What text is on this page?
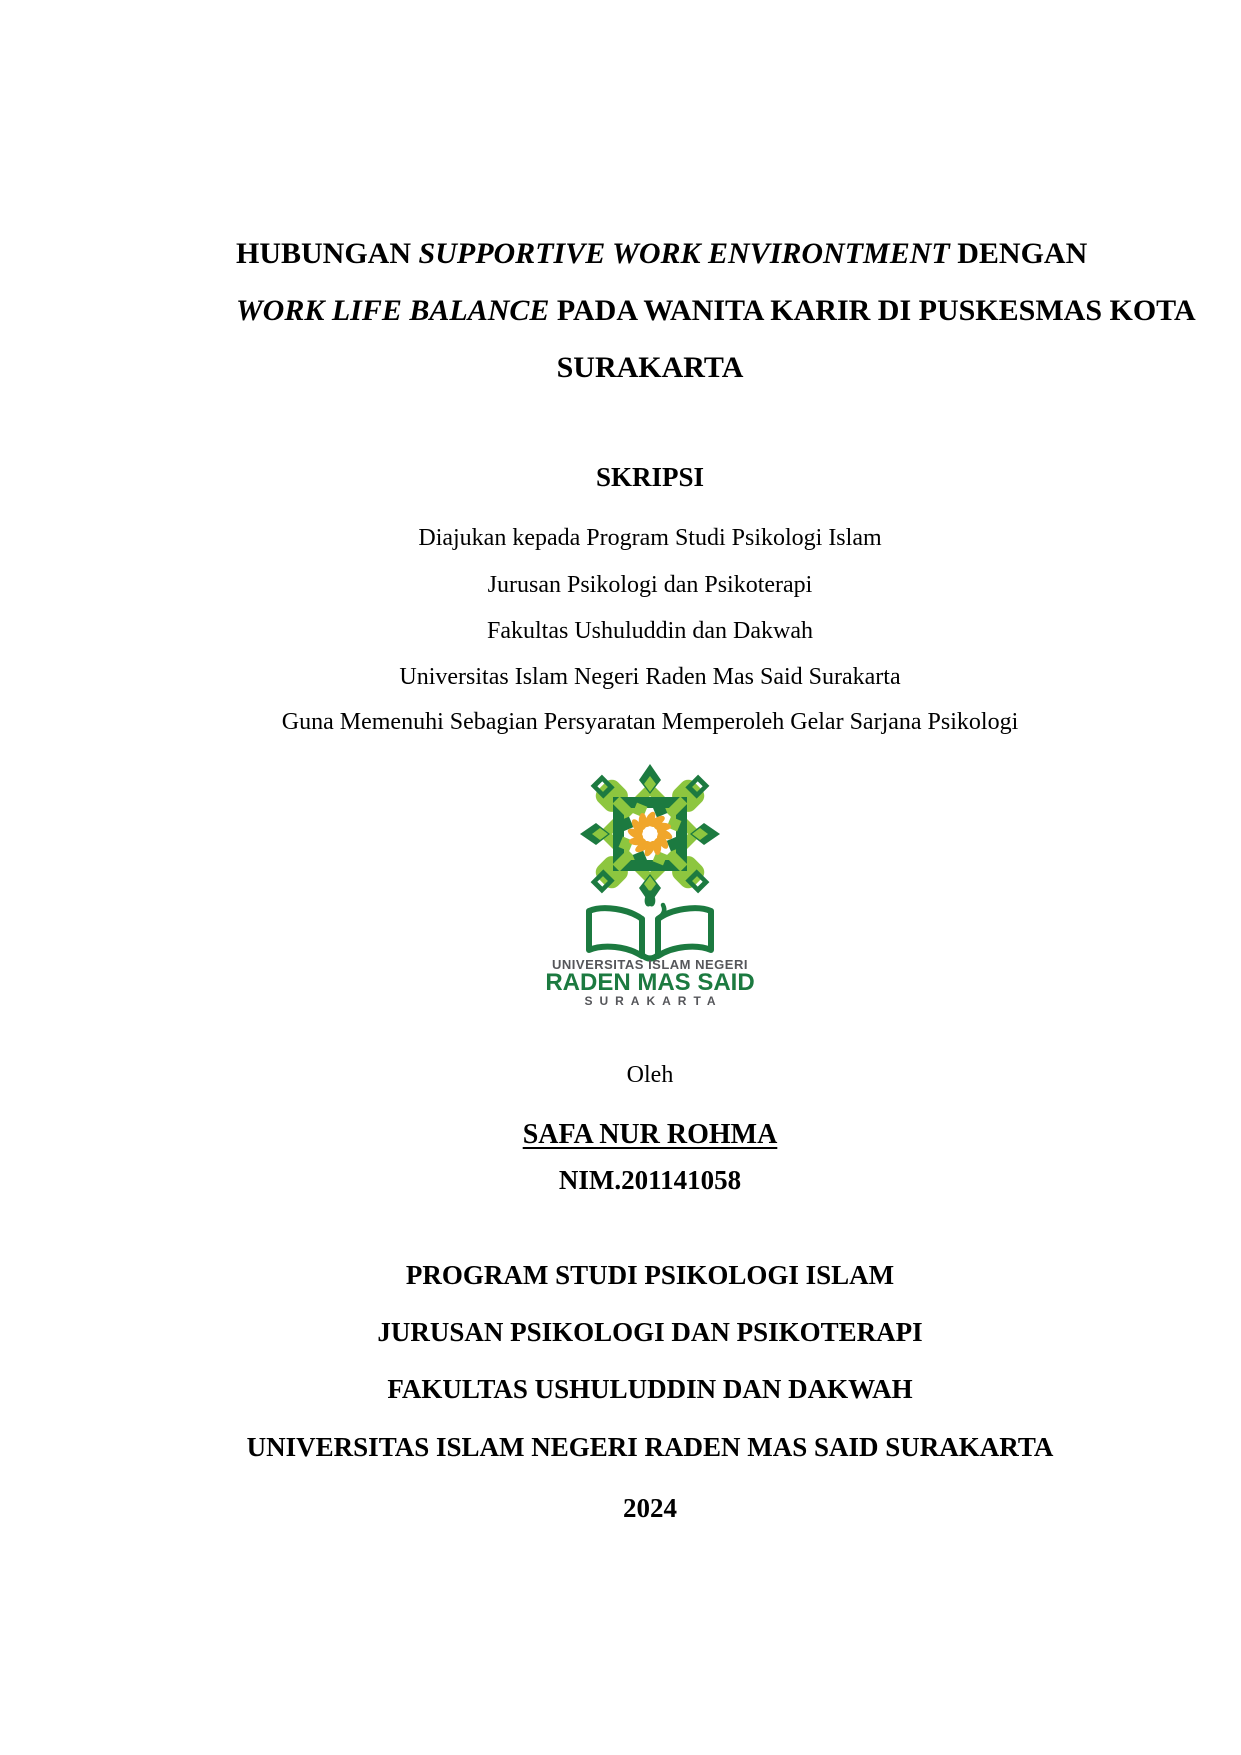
HUBUNGAN SUPPORTIVE WORK ENVIRONTMENT DENGAN
WORK LIFE BALANCE PADA WANITA KARIR DI PUSKESMAS KOTA
SURAKARTA
SKRIPSI
Diajukan kepada Program Studi Psikologi Islam
Jurusan Psikologi dan Psikoterapi
Fakultas Ushuluddin dan Dakwah
Universitas Islam Negeri Raden Mas Said Surakarta
Guna Memenuhi Sebagian Persyaratan Memperoleh Gelar Sarjana Psikologi
UNIVERSITAS ISLAM NEGERI
RADEN MAS SAID
SURAKARTA
Oleh
SAFA NUR ROHMA
NIM.201141058
PROGRAM STUDI PSIKOLOGI ISLAM
JURUSAN PSIKOLOGI DAN PSIKOTERAPI
FAKULTAS USHULUDDIN DAN DAKWAH
UNIVERSITAS ISLAM NEGERI RADEN MAS SAID SURAKARTA
2024
